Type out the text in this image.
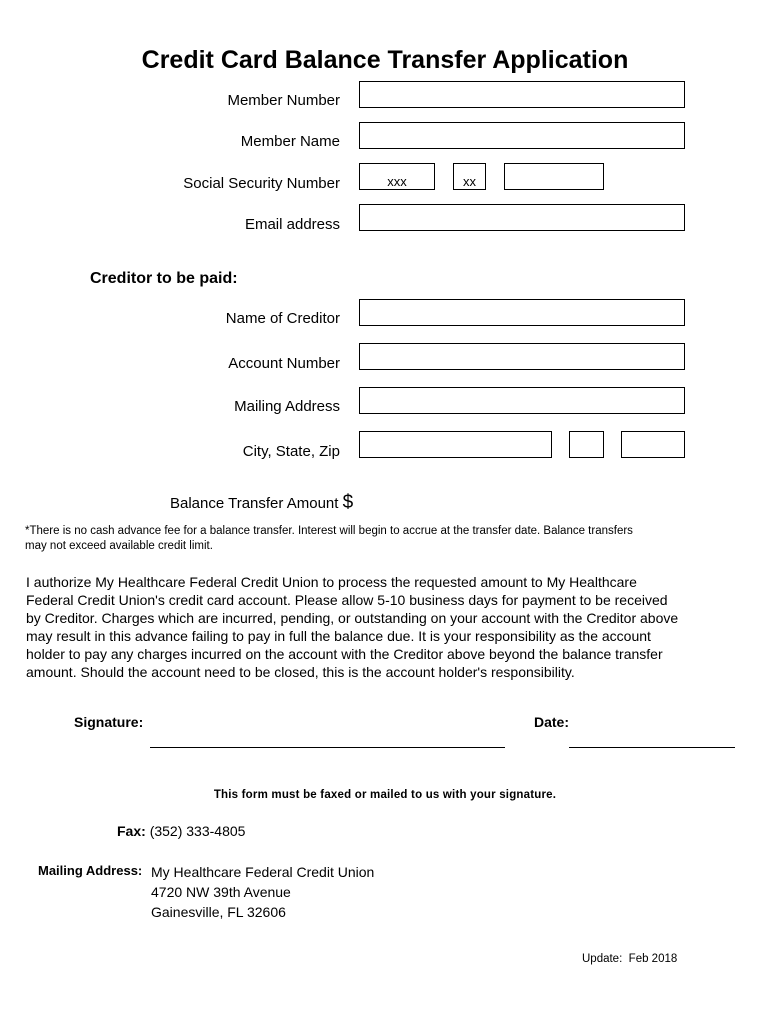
Credit Card Balance Transfer Application
Member Number
Member Name
Social Security Number	xxx	xx
Email address
Creditor to be paid:
Name of Creditor
Account Number
Mailing Address
City, State, Zip
Balance Transfer Amount $
*There is no cash advance fee for a balance transfer. Interest will begin to accrue at the transfer date. Balance transfers may not exceed available credit limit.
I authorize My Healthcare Federal Credit Union to process the requested amount to My Healthcare Federal Credit Union's credit card account. Please allow 5-10 business days for payment to be received by Creditor. Charges which are incurred, pending, or outstanding on your account with the Creditor above may result in this advance failing to pay in full the balance due. It is your responsibility as the account holder to pay any charges incurred on the account with the Creditor above beyond the balance transfer amount. Should the account need to be closed, this is the account holder's responsibility.
Signature:	Date:
This form must be faxed or mailed to us with your signature.
Fax: (352) 333-4805
Mailing Address: My Healthcare Federal Credit Union
4720 NW 39th Avenue
Gainesville, FL 32606
Update:  Feb 2018
